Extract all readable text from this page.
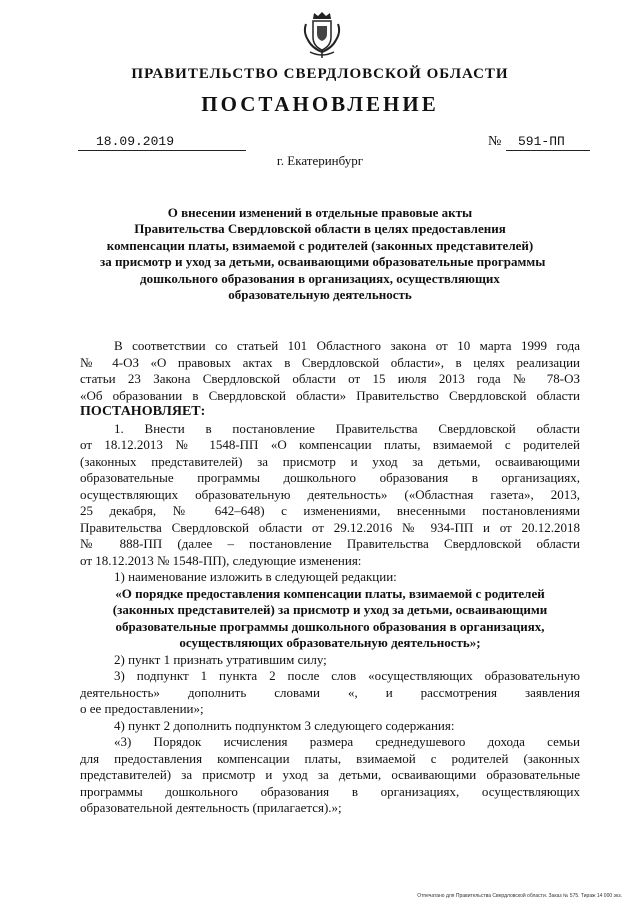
ПРАВИТЕЛЬСТВО СВЕРДЛОВСКОЙ ОБЛАСТИ
ПОСТАНОВЛЕНИЕ
18.09.2019	№	591-ПП
г. Екатеринбург
О внесении изменений в отдельные правовые акты
Правительства Свердловской области в целях предоставления
компенсации платы, взимаемой с родителей (законных представителей)
за присмотр и уход за детьми, осваивающими образовательные программы
дошкольного образования в организациях, осуществляющих
образовательную деятельность
В соответствии со статьей 101 Областного закона от 10 марта 1999 года
№ 4-ОЗ «О правовых актах в Свердловской области», в целях реализации
статьи 23 Закона Свердловской области от 15 июля 2013 года № 78-ОЗ
«Об образовании в Свердловской области» Правительство Свердловской области
ПОСТАНОВЛЯЕТ:
1. Внести в постановление Правительства Свердловской области
от 18.12.2013 № 1548-ПП «О компенсации платы, взимаемой с родителей
(законных представителей) за присмотр и уход за детьми, осваивающими
образовательные программы дошкольного образования в организациях,
осуществляющих образовательную деятельность» («Областная газета», 2013,
25 декабря, № 642–648) с изменениями, внесенными постановлениями
Правительства Свердловской области от 29.12.2016 № 934-ПП и от 20.12.2018
№ 888-ПП (далее – постановление Правительства Свердловской области
от 18.12.2013 № 1548-ПП), следующие изменения:
1) наименование изложить в следующей редакции:
«О порядке предоставления компенсации платы, взимаемой с родителей
(законных представителей) за присмотр и уход за детьми, осваивающими
образовательные программы дошкольного образования в организациях,
осуществляющих образовательную деятельность»;
2) пункт 1 признать утратившим силу;
3) подпункт 1 пункта 2 после слов «осуществляющих образовательную
деятельность» дополнить словами «, и рассмотрения заявления
о ее предоставлении»;
4) пункт 2 дополнить подпунктом 3 следующего содержания:
«3) Порядок исчисления размера среднедушевого дохода семьи
для предоставления компенсации платы, взимаемой с родителей (законных
представителей) за присмотр и уход за детьми, осваивающими образовательные
программы дошкольного образования в организациях, осуществляющих
образовательной деятельность (прилагается).»;
Отпечатано для Правительства Свердловской области. Заказ № 575. Тираж 14 000 экз.
